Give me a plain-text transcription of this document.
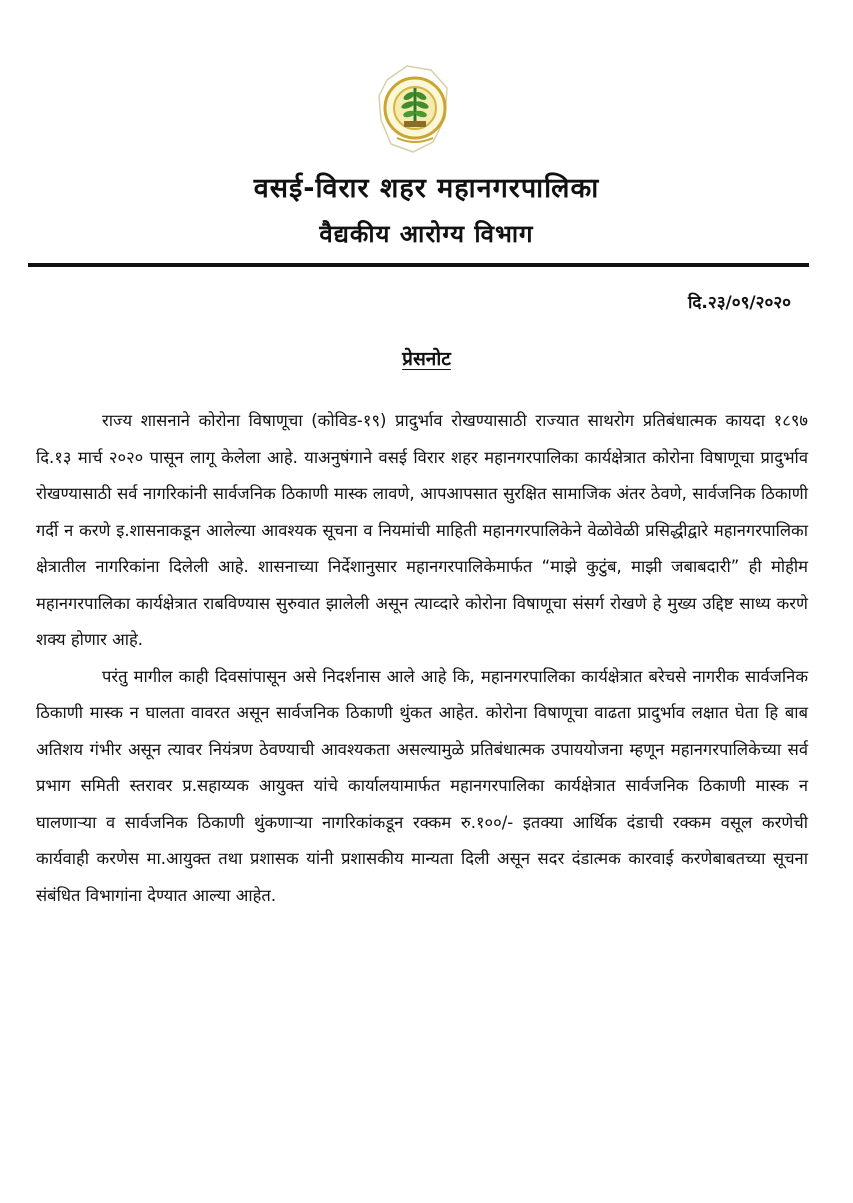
वसई-विरार शहर महानगरपालिका
वैद्यकीय आरोग्य विभाग
दि.२३/०९/२०२०
प्रेसनोट

राज्य शासनाने कोरोना विषाणूचा (कोविड-१९) प्रादुर्भाव रोखण्यासाठी राज्यात साथरोग प्रतिबंधात्मक कायदा १८९७ दि.१३ मार्च २०२० पासून लागू केलेला आहे. याअनुषंगाने वसई विरार शहर महानगरपालिका कार्यक्षेत्रात कोरोना विषाणूचा प्रादुर्भाव रोखण्यासाठी सर्व नागरिकांनी सार्वजनिक ठिकाणी मास्क लावणे, आपआपसात सुरक्षित सामाजिक अंतर ठेवणे, सार्वजनिक ठिकाणी गर्दी न करणे इ.शासनाकडून आलेल्या आवश्यक सूचना व नियमांची माहिती महानगरपालिकेने वेळोवेळी प्रसिद्धीद्वारे महानगरपालिका क्षेत्रातील नागरिकांना दिलेली आहे. शासनाच्या निर्देशानुसार महानगरपालिकेमार्फत “माझे कुटुंब, माझी जबाबदारी” ही मोहीम महानगरपालिका कार्यक्षेत्रात राबविण्यास सुरुवात झालेली असून त्याव्दारे कोरोना विषाणूचा संसर्ग रोखणे हे मुख्य उद्दिष्ट साध्य करणे शक्य होणार आहे.

परंतु मागील काही दिवसांपासून असे निदर्शनास आले आहे कि, महानगरपालिका कार्यक्षेत्रात बरेचसे नागरीक सार्वजनिक ठिकाणी मास्क न घालता वावरत असून सार्वजनिक ठिकाणी थुंकत आहेत. कोरोना विषाणूचा वाढता प्रादुर्भाव लक्षात घेता हि बाब अतिशय गंभीर असून त्यावर नियंत्रण ठेवण्याची आवश्यकता असल्यामुळे प्रतिबंधात्मक उपाययोजना म्हणून महानगरपालिकेच्या सर्व प्रभाग समिती स्तरावर प्र.सहाय्यक आयुक्त यांचे कार्यालयामार्फत महानगरपालिका कार्यक्षेत्रात सार्वजनिक ठिकाणी मास्क न घालणाऱ्या व सार्वजनिक ठिकाणी थुंकणाऱ्या नागरिकांकडून रक्कम रु.१००/- इतक्या आर्थिक दंडाची रक्कम वसूल करणेची कार्यवाही करणेस मा.आयुक्त तथा प्रशासक यांनी प्रशासकीय मान्यता दिली असून सदर दंडात्मक कारवाई करणेबाबतच्या सूचना संबंधित विभागांना देण्यात आल्या आहेत.
